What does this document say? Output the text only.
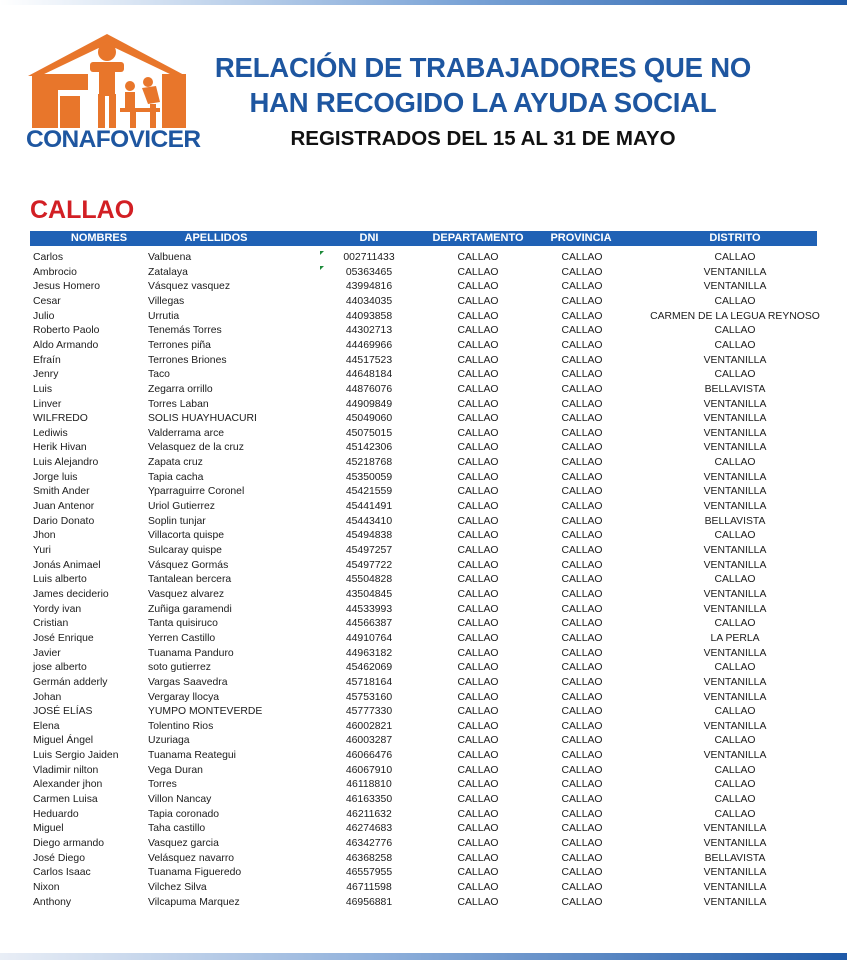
CONAFOVICER
RELACIÓN DE TRABAJADORES QUE NO
HAN RECOGIDO LA AYUDA SOCIAL
REGISTRADOS DEL 15 AL 31 DE MAYO
CALLAO
NOMBRES	APELLIDOS	DNI	DEPARTAMENTO	PROVINCIA	DISTRITO
Carlos	Valbuena	002711433	CALLAO	CALLAO	CALLAO
Ambrocio	Zatalaya	05363465	CALLAO	CALLAO	VENTANILLA
Jesus Homero	Vásquez vasquez	43994816	CALLAO	CALLAO	VENTANILLA
Cesar	Villegas	44034035	CALLAO	CALLAO	CALLAO
Julio	Urrutia	44093858	CALLAO	CALLAO	CARMEN DE LA LEGUA REYNOSO
Roberto Paolo	Tenemás Torres	44302713	CALLAO	CALLAO	CALLAO
Aldo Armando	Terrones piña	44469966	CALLAO	CALLAO	CALLAO
Efraín	Terrones Briones	44517523	CALLAO	CALLAO	VENTANILLA
Jenry	Taco	44648184	CALLAO	CALLAO	CALLAO
Luis	Zegarra orrillo	44876076	CALLAO	CALLAO	BELLAVISTA
Linver	Torres Laban	44909849	CALLAO	CALLAO	VENTANILLA
WILFREDO	SOLIS HUAYHUACURI	45049060	CALLAO	CALLAO	VENTANILLA
Lediwis	Valderrama arce	45075015	CALLAO	CALLAO	VENTANILLA
Herik Hivan	Velasquez de la cruz	45142306	CALLAO	CALLAO	VENTANILLA
Luis Alejandro	Zapata cruz	45218768	CALLAO	CALLAO	CALLAO
Jorge luis	Tapia cacha	45350059	CALLAO	CALLAO	VENTANILLA
Smith Ander	Yparraguirre Coronel	45421559	CALLAO	CALLAO	VENTANILLA
Juan Antenor	Uriol Gutierrez	45441491	CALLAO	CALLAO	VENTANILLA
Dario Donato	Soplin tunjar	45443410	CALLAO	CALLAO	BELLAVISTA
Jhon	Villacorta quispe	45494838	CALLAO	CALLAO	CALLAO
Yuri	Sulcaray quispe	45497257	CALLAO	CALLAO	VENTANILLA
Jonás Animael	Vásquez Gormás	45497722	CALLAO	CALLAO	VENTANILLA
Luis alberto	Tantalean bercera	45504828	CALLAO	CALLAO	CALLAO
James deciderio	Vasquez alvarez	43504845	CALLAO	CALLAO	VENTANILLA
Yordy ivan	Zuñiga garamendi	44533993	CALLAO	CALLAO	VENTANILLA
Cristian	Tanta quisiruco	44566387	CALLAO	CALLAO	CALLAO
José Enrique	Yerren Castillo	44910764	CALLAO	CALLAO	LA PERLA
Javier	Tuanama Panduro	44963182	CALLAO	CALLAO	VENTANILLA
jose alberto	soto gutierrez	45462069	CALLAO	CALLAO	CALLAO
Germán adderly	Vargas Saavedra	45718164	CALLAO	CALLAO	VENTANILLA
Johan	Vergaray llocya	45753160	CALLAO	CALLAO	VENTANILLA
JOSÉ ELÍAS	YUMPO MONTEVERDE	45777330	CALLAO	CALLAO	CALLAO
Elena	Tolentino Rios	46002821	CALLAO	CALLAO	VENTANILLA
Miguel Ángel	Uzuriaga	46003287	CALLAO	CALLAO	CALLAO
Luis Sergio Jaiden	Tuanama Reategui	46066476	CALLAO	CALLAO	VENTANILLA
Vladimir nilton	Vega Duran	46067910	CALLAO	CALLAO	CALLAO
Alexander jhon	Torres	46118810	CALLAO	CALLAO	CALLAO
Carmen Luisa	Villon Nancay	46163350	CALLAO	CALLAO	CALLAO
Heduardo	Tapia coronado	46211632	CALLAO	CALLAO	CALLAO
Miguel	Taha castillo	46274683	CALLAO	CALLAO	VENTANILLA
Diego armando	Vasquez garcia	46342776	CALLAO	CALLAO	VENTANILLA
José Diego	Velásquez navarro	46368258	CALLAO	CALLAO	BELLAVISTA
Carlos Isaac	Tuanama Figueredo	46557955	CALLAO	CALLAO	VENTANILLA
Nixon	Vilchez Silva	46711598	CALLAO	CALLAO	VENTANILLA
Anthony	Vilcapuma Marquez	46956881	CALLAO	CALLAO	VENTANILLA
